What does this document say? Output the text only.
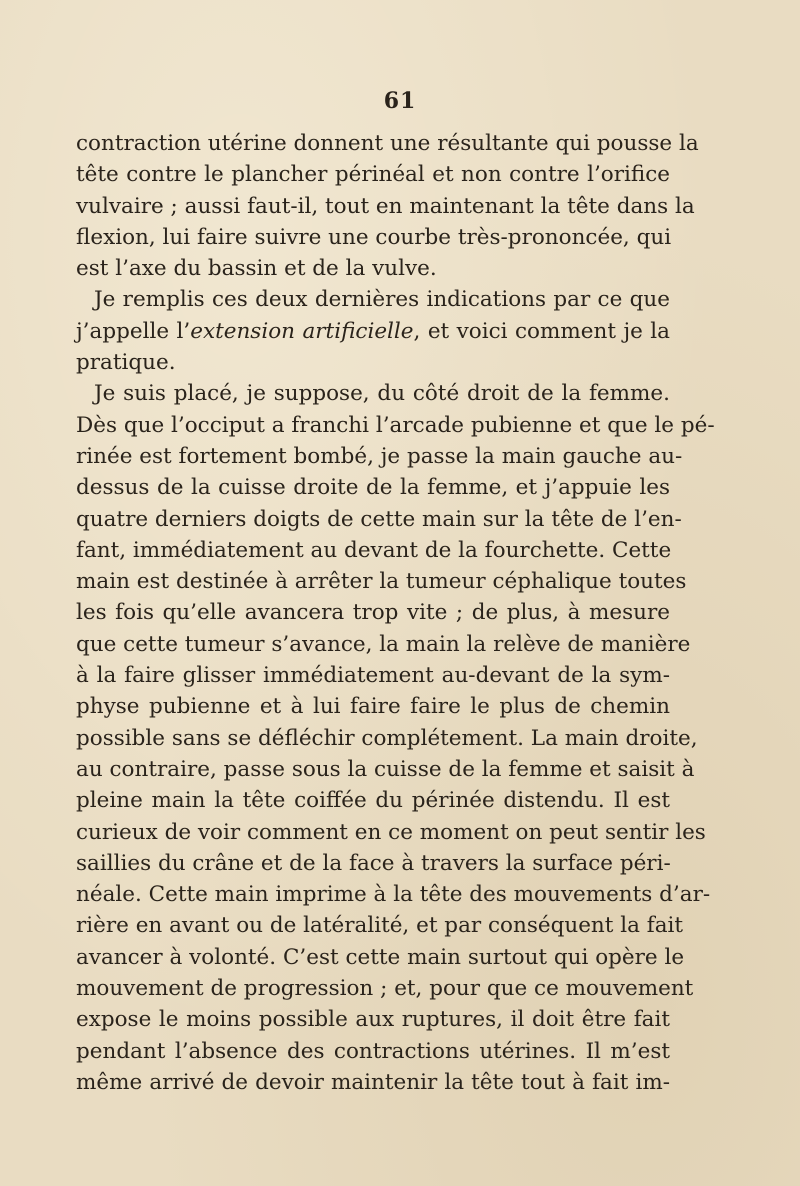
61
contraction utérine donnent une résultante qui pousse la
tête contre le plancher périnéal et non contre l’orifice
vulvaire ; aussi faut-il, tout en maintenant la tête dans la
flexion, lui faire suivre une courbe très-prononcée, qui
est l’axe du bassin et de la vulve.
Je remplis ces deux dernières indications par ce que
j’appelle l’extension artificielle, et voici comment je la
pratique.
Je suis placé, je suppose, du côté droit de la femme.
Dès que l’occiput a franchi l’arcade pubienne et que le pé-
rinée est fortement bombé, je passe la main gauche au-
dessus de la cuisse droite de la femme, et j’appuie les
quatre derniers doigts de cette main sur la tête de l’en-
fant, immédiatement au devant de la fourchette. Cette
main est destinée à arrêter la tumeur céphalique toutes
les fois qu’elle avancera trop vite ; de plus, à mesure
que cette tumeur s’avance, la main la relève de manière
à la faire glisser immédiatement au-devant de la sym-
physe pubienne et à lui faire faire le plus de chemin
possible sans se défléchir complétement. La main droite,
au contraire, passe sous la cuisse de la femme et saisit à
pleine main la tête coiffée du périnée distendu. Il est
curieux de voir comment en ce moment on peut sentir les
saillies du crâne et de la face à travers la surface péri-
néale. Cette main imprime à la tête des mouvements d’ar-
rière en avant ou de latéralité, et par conséquent la fait
avancer à volonté. C’est cette main surtout qui opère le
mouvement de progression ; et, pour que ce mouvement
expose le moins possible aux ruptures, il doit être fait
pendant l’absence des contractions utérines. Il m’est
même arrivé de devoir maintenir la tête tout à fait im-
